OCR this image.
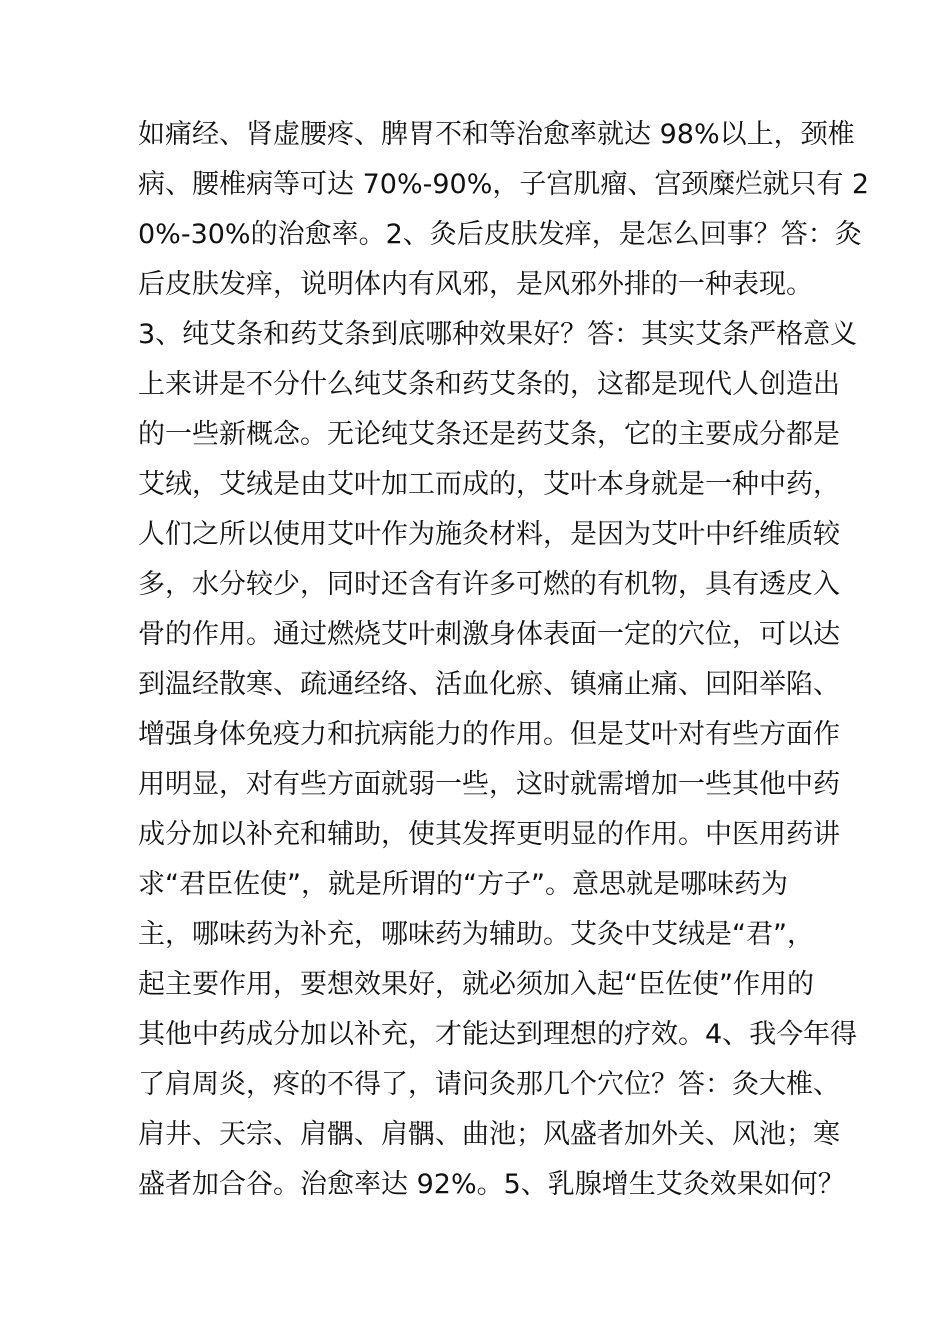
如痛经、肾虚腰疼、脾胃不和等治愈率就达 98%以上，颈椎
病、腰椎病等可达 70%-90%，子宫肌瘤、宫颈糜烂就只有 2
0%-30%的治愈率。2、灸后皮肤发痒，是怎么回事？答：灸
后皮肤发痒，说明体内有风邪，是风邪外排的一种表现。
3、纯艾条和药艾条到底哪种效果好？答：其实艾条严格意义
上来讲是不分什么纯艾条和药艾条的，这都是现代人创造出
的一些新概念。无论纯艾条还是药艾条，它的主要成分都是
艾绒，艾绒是由艾叶加工而成的，艾叶本身就是一种中药，
人们之所以使用艾叶作为施灸材料，是因为艾叶中纤维质较
多，水分较少，同时还含有许多可燃的有机物，具有透皮入
骨的作用。通过燃烧艾叶刺激身体表面一定的穴位，可以达
到温经散寒、疏通经络、活血化瘀、镇痛止痛、回阳举陷、
增强身体免疫力和抗病能力的作用。但是艾叶对有些方面作
用明显，对有些方面就弱一些，这时就需增加一些其他中药
成分加以补充和辅助，使其发挥更明显的作用。中医用药讲
求“君臣佐使”，就是所谓的“方子”。意思就是哪味药为
主，哪味药为补充，哪味药为辅助。艾灸中艾绒是“君”，
起主要作用，要想效果好，就必须加入起“臣佐使”作用的
其他中药成分加以补充，才能达到理想的疗效。4、我今年得
了肩周炎，疼的不得了，请问灸那几个穴位？答：灸大椎、
肩井、天宗、肩髃、肩髃、曲池；风盛者加外关、风池；寒
盛者加合谷。治愈率达 92%。5、乳腺增生艾灸效果如何？
